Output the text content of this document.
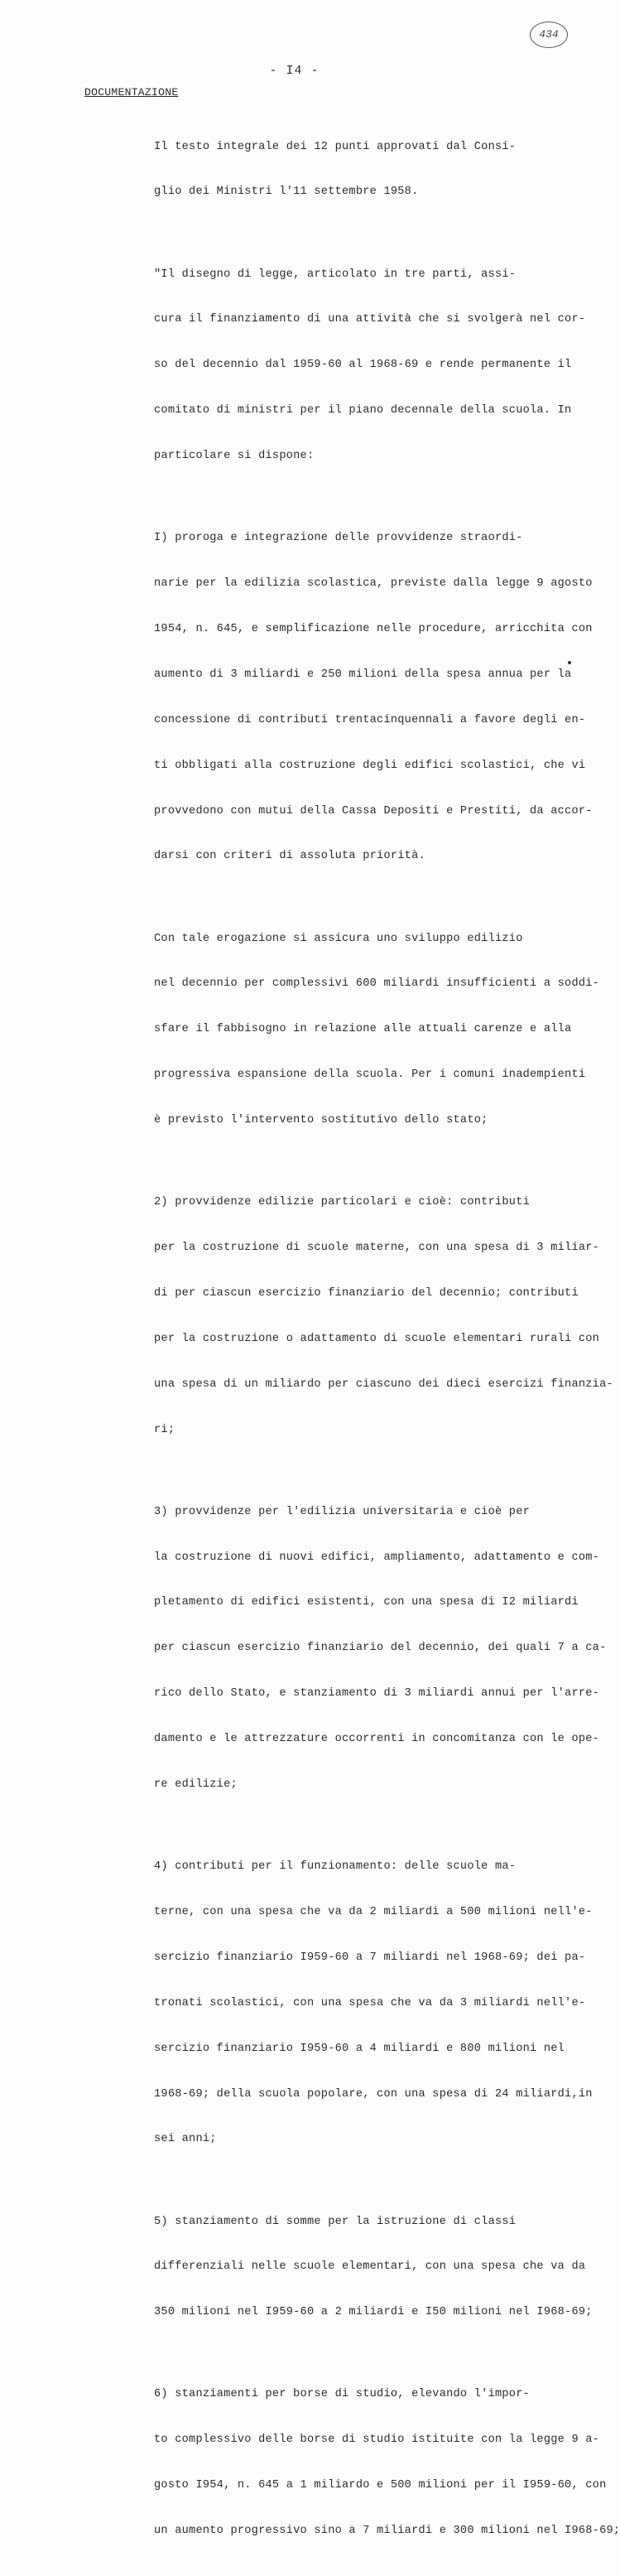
434
- I4 -
DOCUMENTAZIONE

Il testo integrale dei 12 punti approvati dal Consi-

glio dei Ministri l'11 settembre 1958.

"Il disegno di legge, articolato in tre parti, assi-

cura il finanziamento di una attività che si svolgerà nel cor-

so del decennio dal 1959-60 al 1968-69 e rende permanente il

comitato di ministri per il piano decennale della scuola. In

particolare si dispone:

I) proroga e integrazione delle provvidenze straordi-

narie per la edilizia scolastica, previste dalla legge 9 agosto

1954, n. 645, e semplificazione nelle procedure, arricchita con

aumento di 3 miliardi e 250 milioni della spesa annua per la

concessione di contributi trentacinquennali a favore degli en-

ti obbligati alla costruzione degli edifici scolastici, che vi

provvedono con mutui della Cassa Depositi e Prestiti, da accor-

darsi con criteri di assoluta priorità.

Con tale erogazione si assicura uno sviluppo edilizio

nel decennio per complessivi 600 miliardi insufficienti a soddi-

sfare il fabbisogno in relazione alle attuali carenze e alla

progressiva espansione della scuola. Per i comuni inadempienti

è previsto l'intervento sostitutivo dello stato;

2) provvidenze edilizie particolari e cioè: contributi

per la costruzione di scuole materne, con una spesa di 3 miliar-

di per ciascun esercizio finanziario del decennio; contributi

per la costruzione o adattamento di scuole elementari rurali con

una spesa di un miliardo per ciascuno dei dieci esercizi finanzia-

ri;

3) provvidenze per l'edilizia universitaria e cioè per

la costruzione di nuovi edifici, ampliamento, adattamento e com-

pletamento di edifici esistenti, con una spesa di I2 miliardi

per ciascun esercizio finanziario del decennio, dei quali 7 a ca-

rico dello Stato, e stanziamento di 3 miliardi annui per l'arre-

damento e le attrezzature occorrenti in concomitanza con le ope-

re edilizie;

4) contributi per il funzionamento: delle scuole ma-

terne, con una spesa che va da 2 miliardi a 500 milioni nell'e-

sercizio finanziario I959-60 a 7 miliardi nel 1968-69; dei pa-

tronati scolastici, con una spesa che va da 3 miliardi nell'e-

sercizio finanziario I959-60 a 4 miliardi e 800 milioni nel

1968-69; della scuola popolare, con una spesa di 24 miliardi,in

sei anni;

5) stanziamento di somme per la istruzione di classi

differenziali nelle scuole elementari, con una spesa che va da

350 milioni nel I959-60 a 2 miliardi e I50 milioni nel I968-69;

6) stanziamenti per borse di studio, elevando l'impor-

to complessivo delle borse di studio istituite con la legge 9 a-

gosto I954, n. 645 a 1 miliardo e 500 milioni per il I959-60, con

un aumento progressivo sino a 7 miliardi e 300 milioni nel I968-69;
